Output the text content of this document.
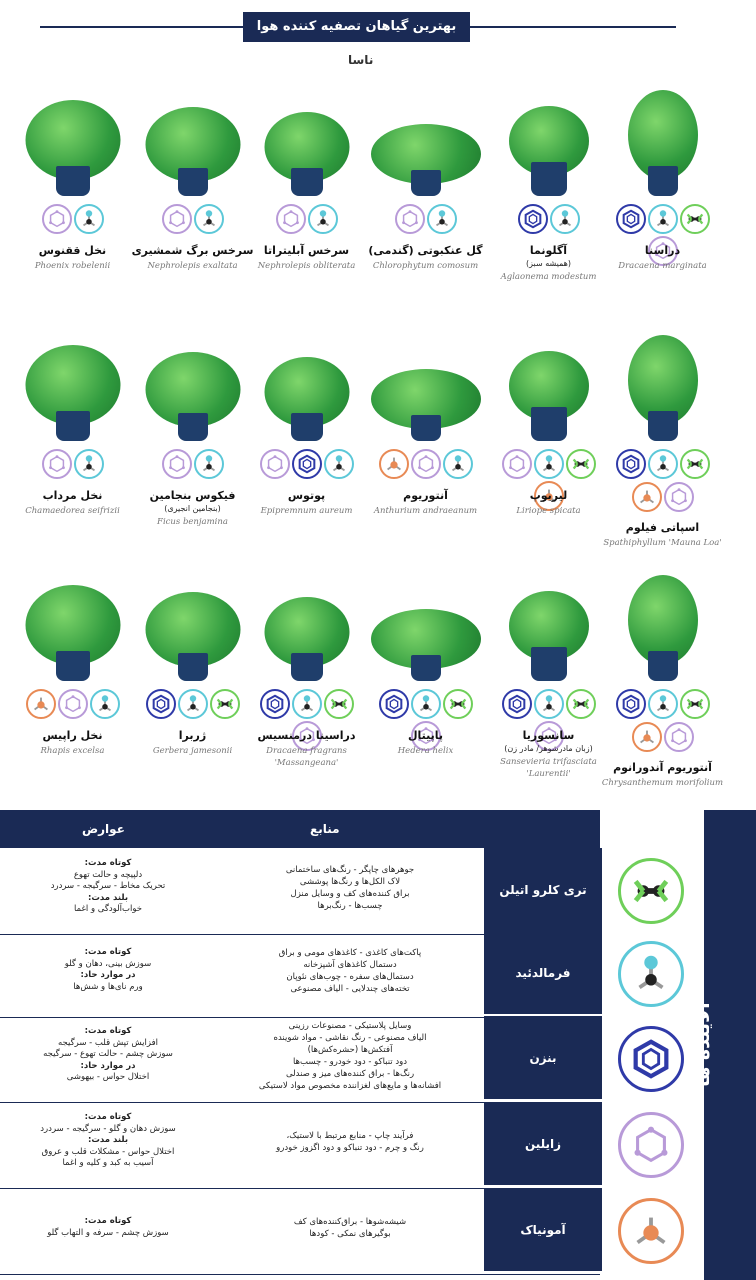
بهترین گیاهان تصفیه کننده هوا
ناسا
دراسنا
Dracaena marginata
آگلونما
(همیشه سبز)
Aglaonema modestum
گل عنکبوتی (گندمی)
Chlorophytum comosum
سرخس آبلیتراتا
Nephrolepis obliterata
سرخس برگ شمشیری
Nephrolepis exaltata
نخل ققنوس
Phoenix robelenii
اسپاتی فیلوم
Spathiphyllum 'Mauna Loa'
لیریوپ
Liriope spicata
آنتوریوم
Anthurium andraeanum
پوتوس
Epipremnum aureum
فیکوس بنجامین
(بنجامین انجیری)
Ficus benjamina
نخل مرداب
Chamaedorea seifrizii
آنتوریوم آندورانوم
Chrysanthemum morifolium
سانسوریا
(زبان مادرشوهر/ مادر زن)
Sansevieria trifasciata 'Laurentii'
پاپیتال
Hedera helix
دراسینا درمنسیس
Dracaena fragrans 'Massangeana'
ژربرا
Gerbera jamesonii
نخل راپیس
Rhapis excelsa
منابع
عوارض
آلاینده ها
کوتاه مدت:
دلپیچه و حالت تهوع
تحریک مخاط - سرگیجه - سردرد
بلند مدت:
خواب‌آلودگی و اغما
جوهرهای چاپگر - رنگ‌های ساختمانی
لاک الکل‌ها و رنگ‌ها پوششی
براق کننده‌های کف و وسایل منزل
چسب‌ها - رنگ‌برها
تری کلرو اتیلن
کوتاه مدت:
سوزش بینی، دهان و گلو
در موارد حاد:
ورم نای‌ها و شش‌ها
پاکت‌های کاغذی - کاغذهای مومی و براق
دستمال کاغذهای آشپزخانه
دستمال‌های سفره - چوب‌های نئوپان
تخته‌های چندلایی - الیاف مصنوعی
فرمالدئید
کوتاه مدت:
افزایش تپش قلب - سرگیجه
سوزش چشم - حالت تهوع - سرگیجه
در موارد حاد:
اختلال حواس - بیهوشی
وسایل پلاستیکی - مصنوعات رزینی
الیاف مصنوعی - رنگ نقاشی - مواد شوینده
آفتکش‌ها (حشره‌کش‌ها)
دود تنباکو - دود خودرو - چسب‌ها
رنگ‌ها - براق کننده‌های میز و صندلی
افشانه‌ها و مایع‌های لغزاننده مخصوص مواد لاستیکی
بنزن
کوتاه مدت:
سوزش دهان و گلو - سرگیجه - سردرد
بلند مدت:
اختلال حواس - مشکلات قلب و عروق
آسیب به کبد و کلیه و اغما
فرآیند چاپ - منابع مرتبط با لاستیک،
رنگ و چرم - دود تنباکو و دود اگزوز خودرو	زایلین
کوتاه مدت:
سوزش چشم - سرفه و التهاب گلو
شیشه‌شوها - براق‌کننده‌های کف
بوگیرهای نمکی - کودها	آمونیاک
